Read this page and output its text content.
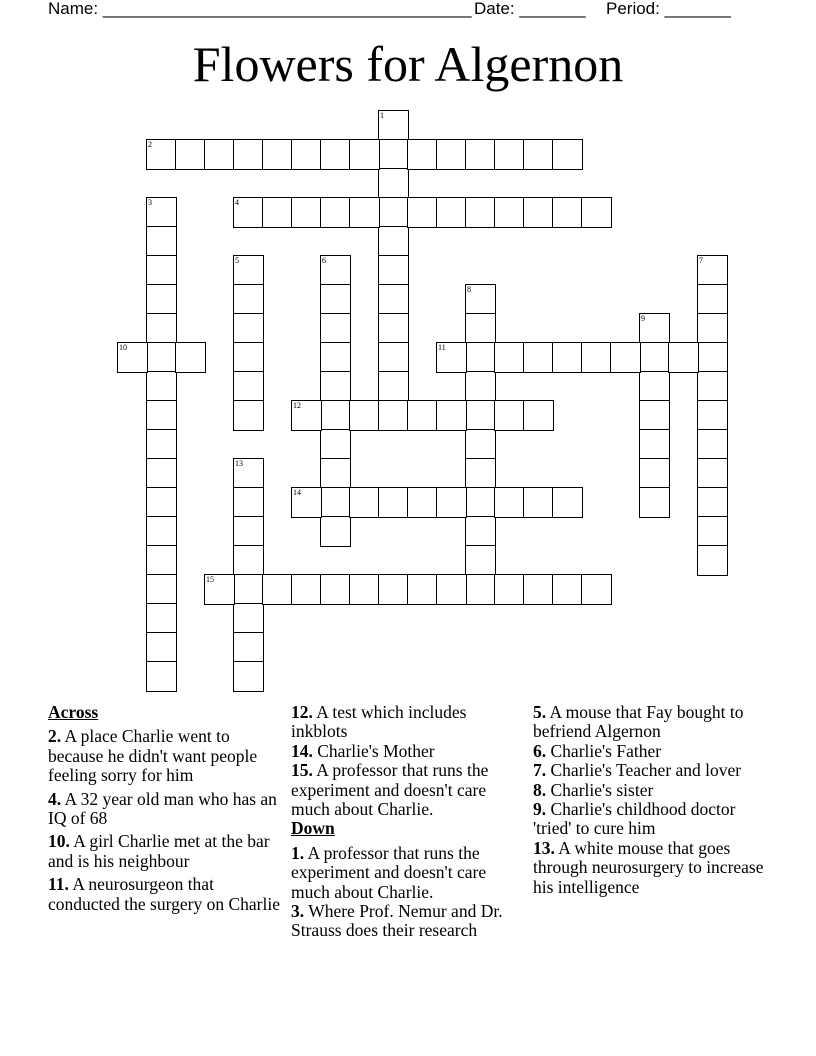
Name: _______________________________________ Date: _______ Period: _______
Flowers for Algernon
1
2
3	4
5	6	7
8
9
10	11
12
13
14
15
Across
2. A place Charlie went to because he didn't want people feeling sorry for him
4. A 32 year old man who has an IQ of 68
10. A girl Charlie met at the bar and is his neighbour
11. A neurosurgeon that conducted the surgery on Charlie
12. A test which includes inkblots
14. Charlie's Mother
15. A professor that runs the experiment and doesn't care much about Charlie.
Down
1. A professor that runs the experiment and doesn't care much about Charlie.
3. Where Prof. Nemur and Dr. Strauss does their research
5. A mouse that Fay bought to befriend Algernon
6. Charlie's Father
7. Charlie's Teacher and lover
8. Charlie's sister
9. Charlie's childhood doctor 'tried' to cure him
13. A white mouse that goes through neurosurgery to increase his intelligence
